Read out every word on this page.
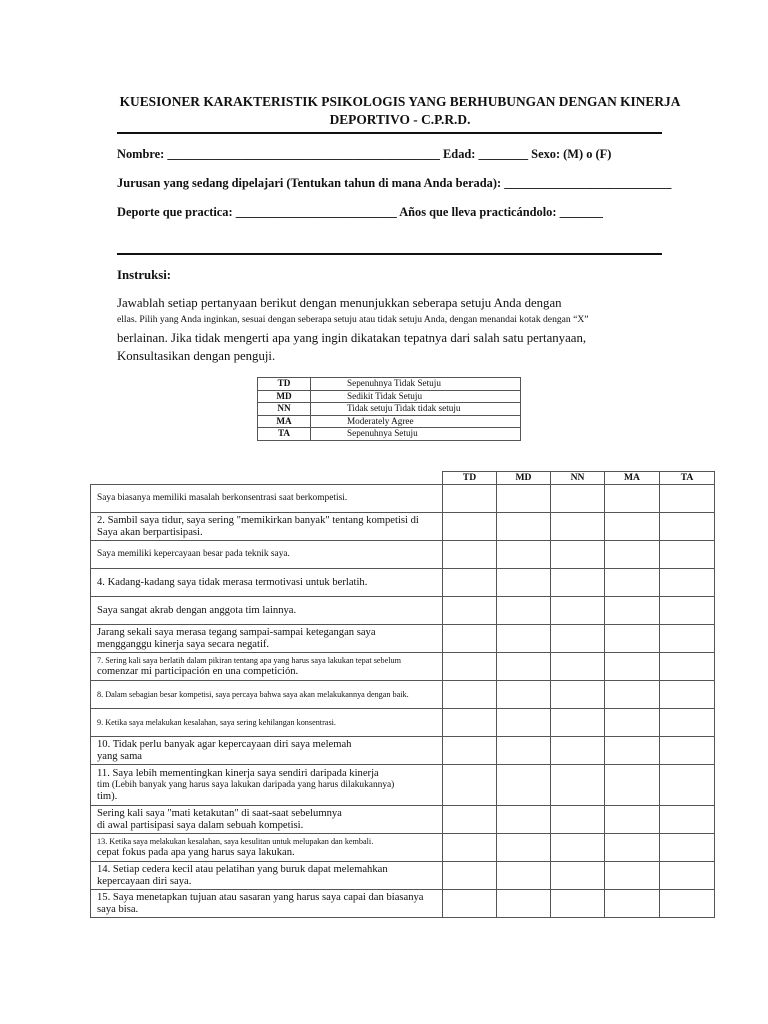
KUESIONER KARAKTERISTIK PSIKOLOGIS YANG BERHUBUNGAN DENGAN KINERJA
DEPORTIVO - C.P.R.D.
Nombre: ____________________________________________ Edad: ________ Sexo: (M) o (F)
Jurusan yang sedang dipelajari (Tentukan tahun di mana Anda berada): ___________________________
Deporte que practica: __________________________ Años que lleva practicándolo: _______
Instruksi:
Jawablah setiap pertanyaan berikut dengan menunjukkan seberapa setuju Anda dengan
ellas. Pilih yang Anda inginkan, sesuai dengan seberapa setuju atau tidak setuju Anda, dengan menandai kotak dengan “X”
berlainan. Jika tidak mengerti apa yang ingin dikatakan tepatnya dari salah satu pertanyaan,
Konsultasikan dengan penguji.
TD	Sepenuhnya Tidak Setuju
MD	Sedikit Tidak Setuju
NN	Tidak setuju Tidak tidak setuju
MA	Moderately Agree
TA	Sepenuhnya Setuju
	TD	MD	NN	MA	TA

Saya biasanya memiliki masalah berkonsentrasi saat berkompetisi.					

2. Sambil saya tidur, saya sering "memikirkan banyak" tentang kompetisi di
Saya akan berpartisipasi.					

Saya memiliki kepercayaan besar pada teknik saya.					

4. Kadang-kadang saya tidak merasa termotivasi untuk berlatih.					

Saya sangat akrab dengan anggota tim lainnya.					

Jarang sekali saya merasa tegang sampai-sampai ketegangan saya
mengganggu kinerja saya secara negatif.					

7. Sering kali saya berlatih dalam pikiran tentang apa yang harus saya lakukan tepat sebelum
comenzar mi participación en una competición.					

8. Dalam sebagian besar kompetisi, saya percaya bahwa saya akan melakukannya dengan baik.					

9. Ketika saya melakukan kesalahan, saya sering kehilangan konsentrasi.					

10. Tidak perlu banyak agar kepercayaan diri saya melemah
yang sama					

11. Saya lebih mementingkan kinerja saya sendiri daripada kinerja
tim (Lebih banyak yang harus saya lakukan daripada yang harus dilakukannya)
tim).					

Sering kali saya "mati ketakutan" di saat-saat sebelumnya
di awal partisipasi saya dalam sebuah kompetisi.					

13. Ketika saya melakukan kesalahan, saya kesulitan untuk melupakan dan kembali.
cepat fokus pada apa yang harus saya lakukan.					

14. Setiap cedera kecil atau pelatihan yang buruk dapat melemahkan
kepercayaan diri saya.					

15. Saya menetapkan tujuan atau sasaran yang harus saya capai dan biasanya
saya bisa.					
